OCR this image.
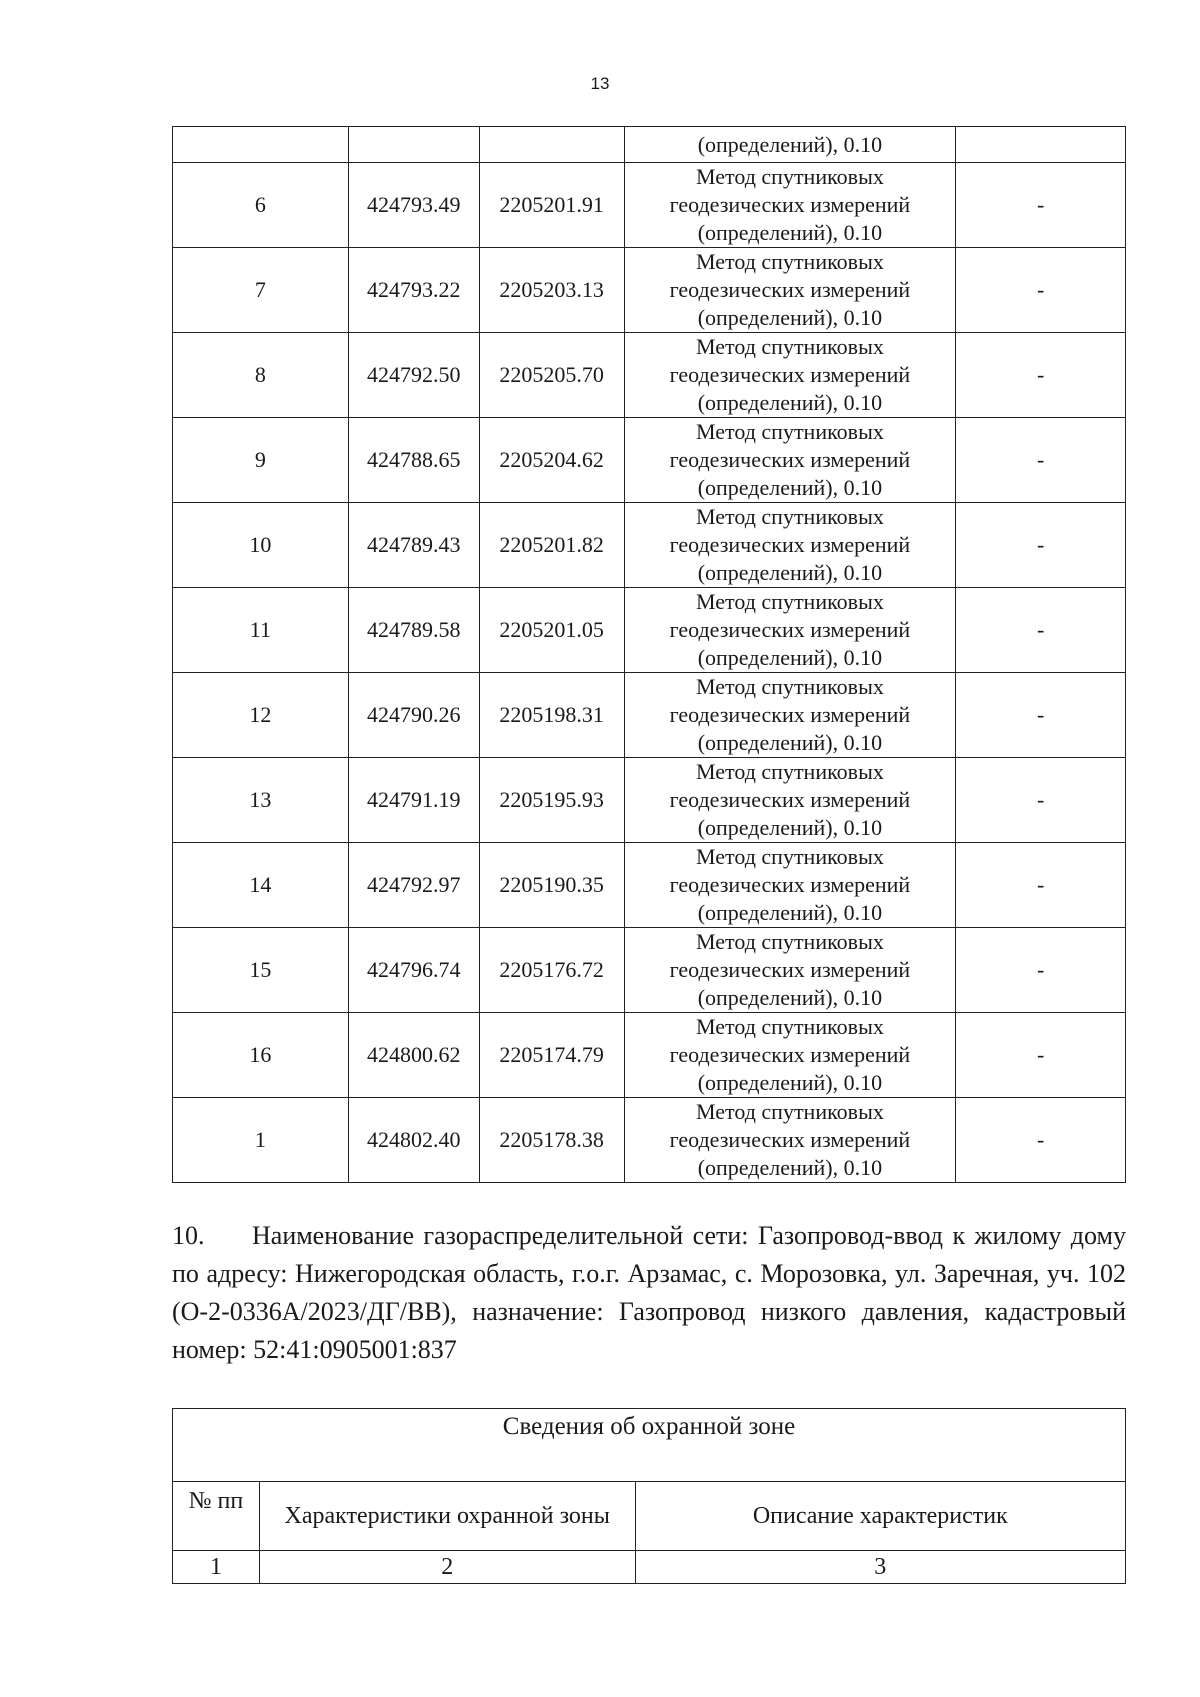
13
			(определений), 0.10	
6	424793.49	2205201.91	Метод спутниковых
геодезических измерений
(определений), 0.10	-
7	424793.22	2205203.13	Метод спутниковых
геодезических измерений
(определений), 0.10	-
8	424792.50	2205205.70	Метод спутниковых
геодезических измерений
(определений), 0.10	-
9	424788.65	2205204.62	Метод спутниковых
геодезических измерений
(определений), 0.10	-
10	424789.43	2205201.82	Метод спутниковых
геодезических измерений
(определений), 0.10	-
11	424789.58	2205201.05	Метод спутниковых
геодезических измерений
(определений), 0.10	-
12	424790.26	2205198.31	Метод спутниковых
геодезических измерений
(определений), 0.10	-
13	424791.19	2205195.93	Метод спутниковых
геодезических измерений
(определений), 0.10	-
14	424792.97	2205190.35	Метод спутниковых
геодезических измерений
(определений), 0.10	-
15	424796.74	2205176.72	Метод спутниковых
геодезических измерений
(определений), 0.10	-
16	424800.62	2205174.79	Метод спутниковых
геодезических измерений
(определений), 0.10	-
1	424802.40	2205178.38	Метод спутниковых
геодезических измерений
(определений), 0.10	-

10. Наименование газораспределительной сети: Газопровод-ввод к жилому дому по адресу: Нижегородская область, г.о.г. Арзамас, с. Морозовка, ул. Заречная, уч. 102 (О-2-0336А/2023/ДГ/ВВ), назначение: Газопровод низкого давления, кадастровый номер: 52:41:0905001:837

Сведения об охранной зоне		
№ пп	Характеристики охранной зоны	Описание характеристик
1	2	3
